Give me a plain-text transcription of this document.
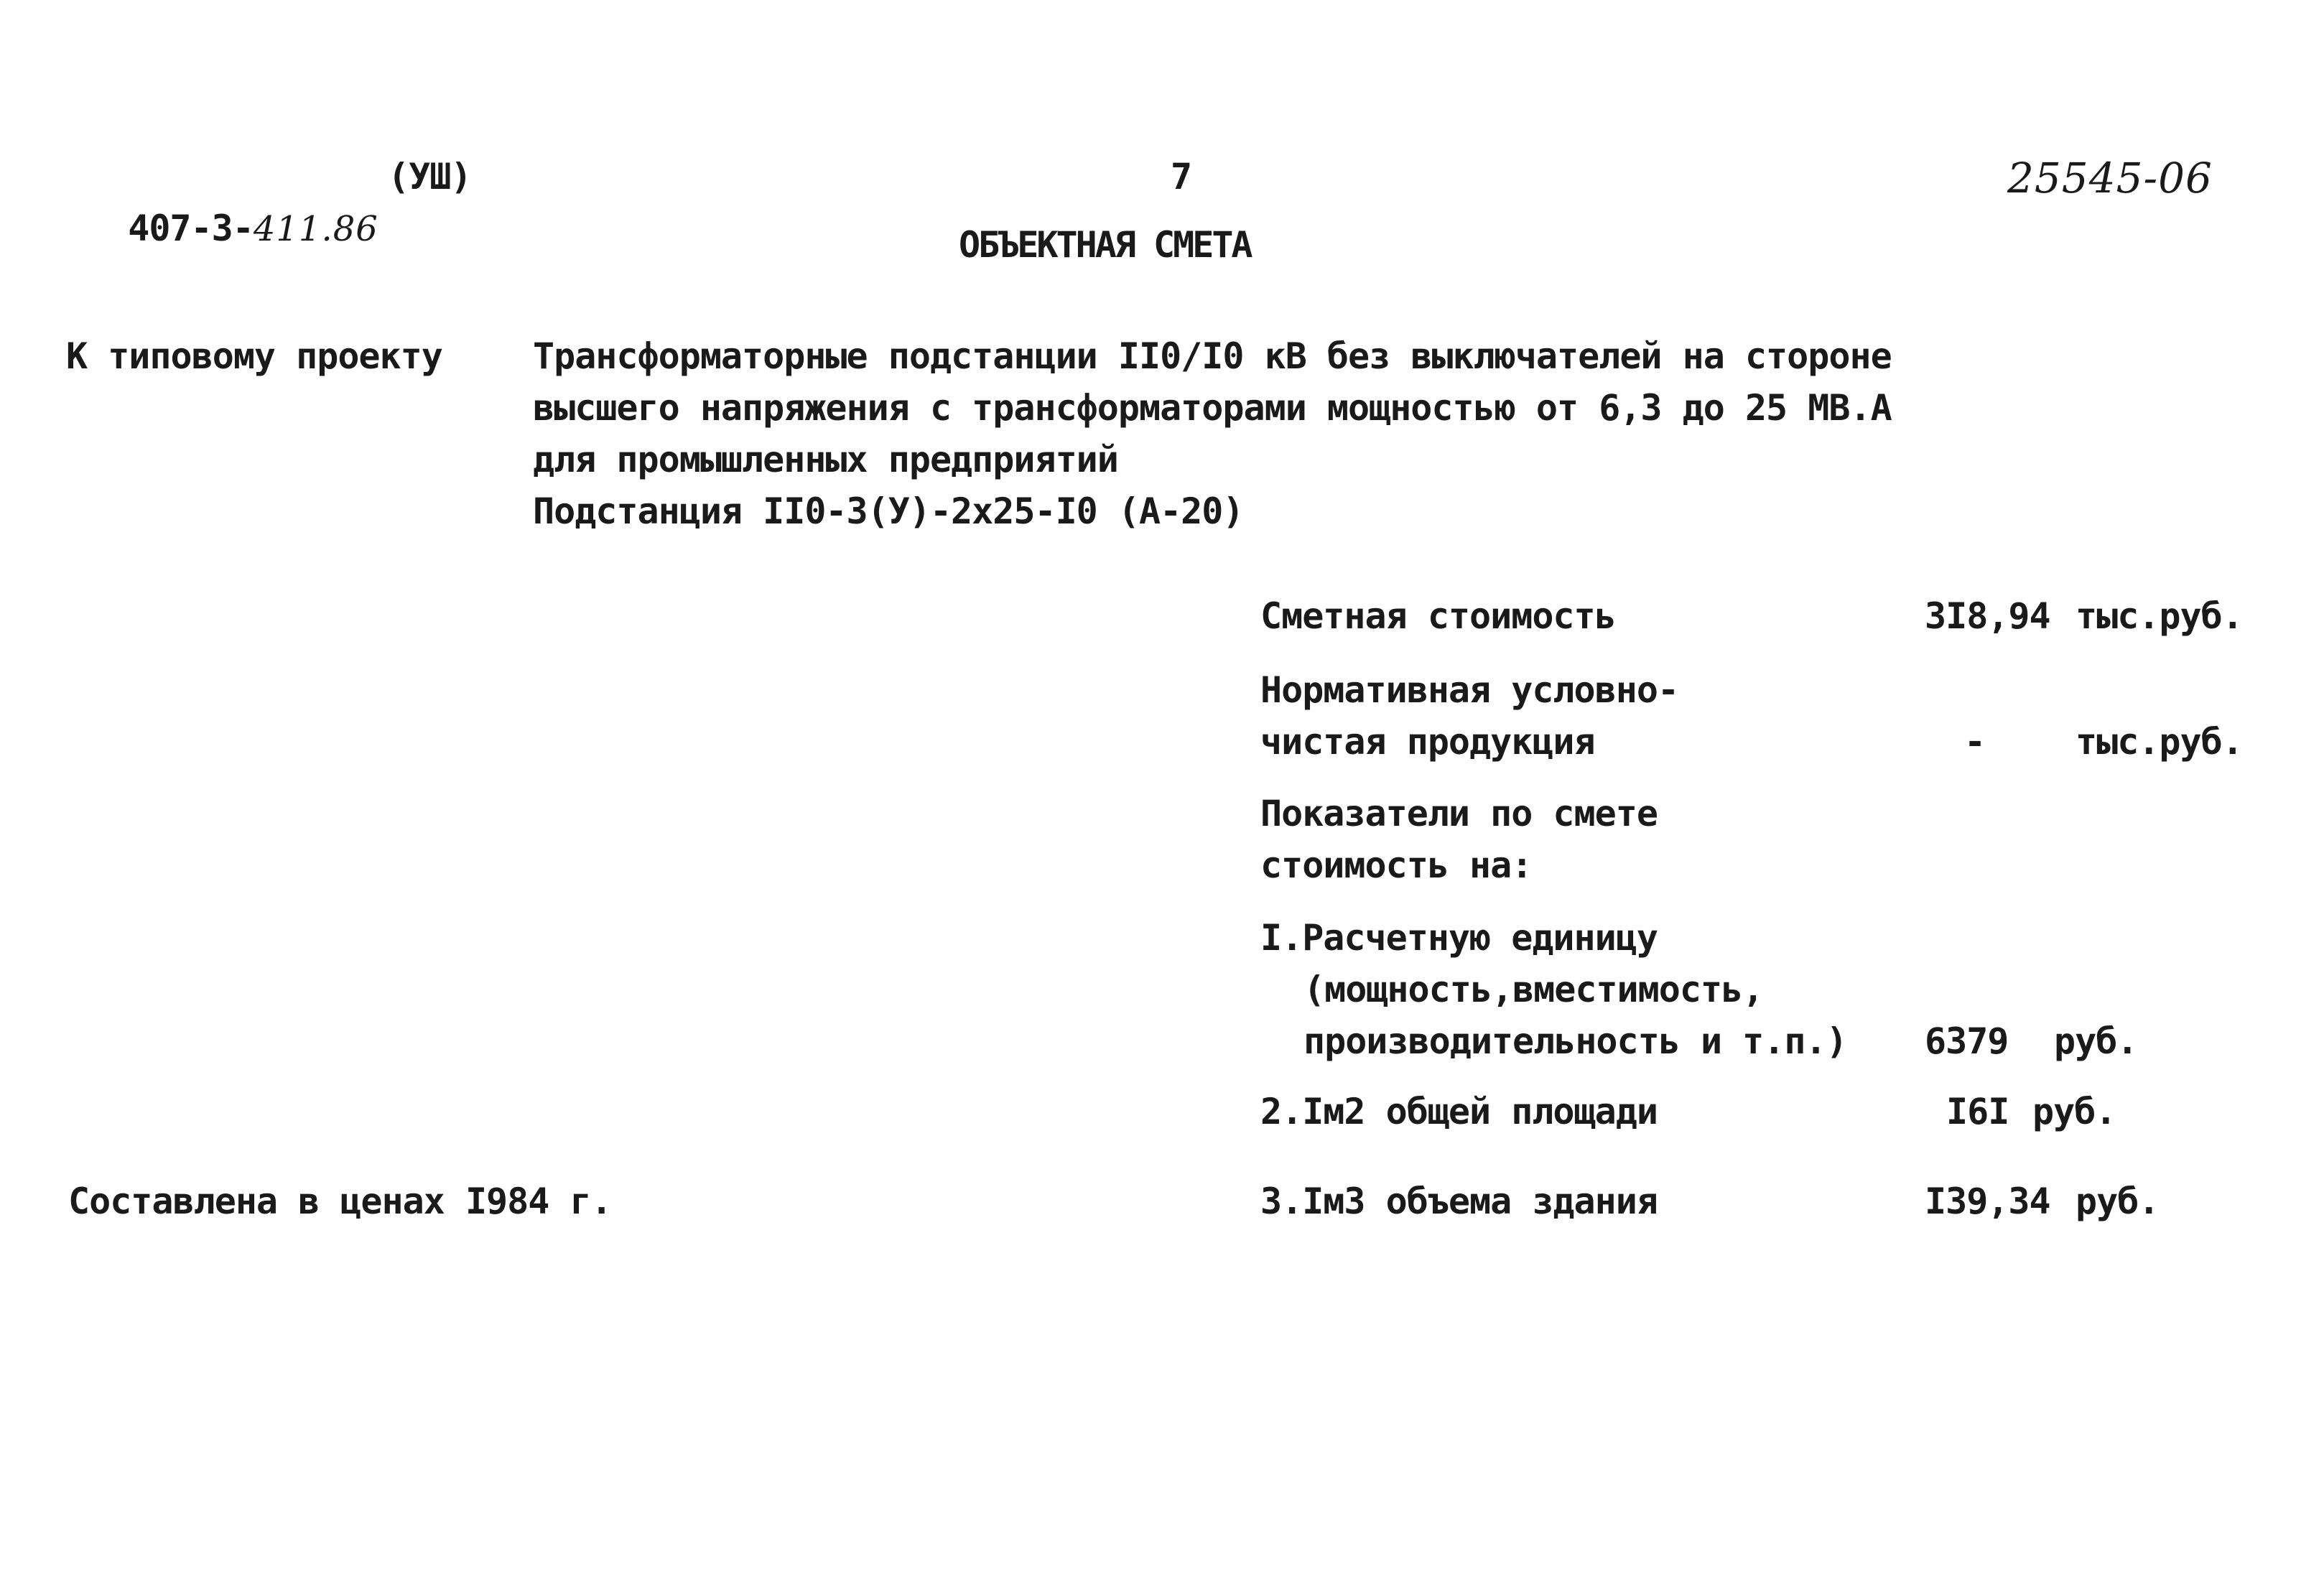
407-3-411.86

(УШ)	7	25545-06
ОБЪЕКТНАЯ СМЕТА
К типовому проекту	Трансформаторные подстанции II0/I0 кВ без выключателей на стороне
высшего напряжения с трансформаторами мощностью от 6,3 до 25 МВ.А
для промышленных предприятий
Подстанция II0-3(У)-2х25-I0 (А-20)
Сметная стоимость	3I8,94 тыс.руб.
Нормативная условно-
чистая продукция	-	тыс.руб.
Показатели по смете
стоимость на:
I.Расчетную единицу
(мощность,вместимость,
производительность и т.п.) 6379 руб.
2.Iм2 общей площади	I6I руб.
Составлена в ценах I984 г.	3.Iм3 объема здания	I39,34 руб.
